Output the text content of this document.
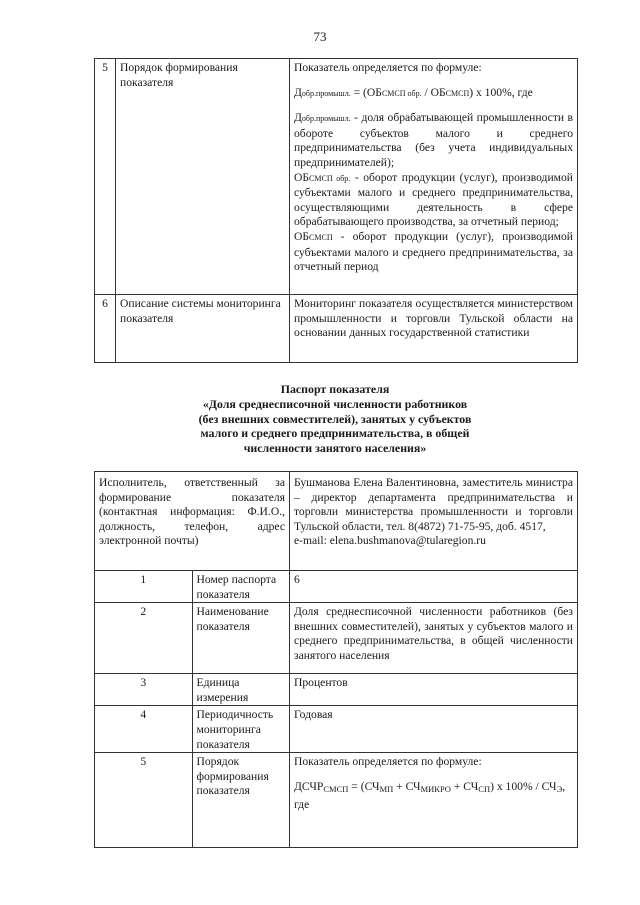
73
5	Порядок формирования показателя	Показатель определяется по формуле:
Добр.промышл. = (ОБСМСП обр. / ОБСМСП) x 100%, где
Добр.промышл. - доля обрабатывающей промышленности в обороте субъектов малого и среднего предпринимательства (без учета индивидуальных предпринимателей);
ОБСМСП обр. - оборот продукции (услуг), производимой субъектами малого и среднего предпринимательства, осуществляющими деятельность в сфере обрабатывающего производства, за отчетный период;
ОБСМСП - оборот продукции (услуг), производимой субъектами малого и среднего предпринимательства, за отчетный период

6	Описание системы мониторинга показателя	Мониторинг показателя осуществляется министерством промышленности и торговли Тульской области на основании данных государственной статистики
Паспорт показателя
«Доля среднесписочной численности работников
(без внешних совместителей), занятых у субъектов
малого и среднего предпринимательства, в общей
численности занятого населения»
Исполнитель, ответственный за формирование показателя (контактная информация: Ф.И.О., должность, телефон, адрес электронной почты)		Бушманова Елена Валентиновна, заместитель министра – директор департамента предпринимательства и торговли министерства промышленности и торговли Тульской области, тел. 8(4872) 71-75-95, доб. 4517,
e-mail: elena.bushmanova@tularegion.ru
1	Номер паспорта показателя	6
2	Наименование показателя	Доля среднесписочной численности работников (без внешних совместителей), занятых у субъектов малого и среднего предпринимательства, в общей численности занятого населения
3	Единица измерения	Процентов
4	Периодичность мониторинга показателя	Годовая
5	Порядок формирования показателя	Показатель определяется по формуле:
$ДСЧР_{СМСП} = (СЧ_{МП} + СЧ_{МИКРО} + СЧ_{СП})$ x $100\% / СЧ_Э$,
где
